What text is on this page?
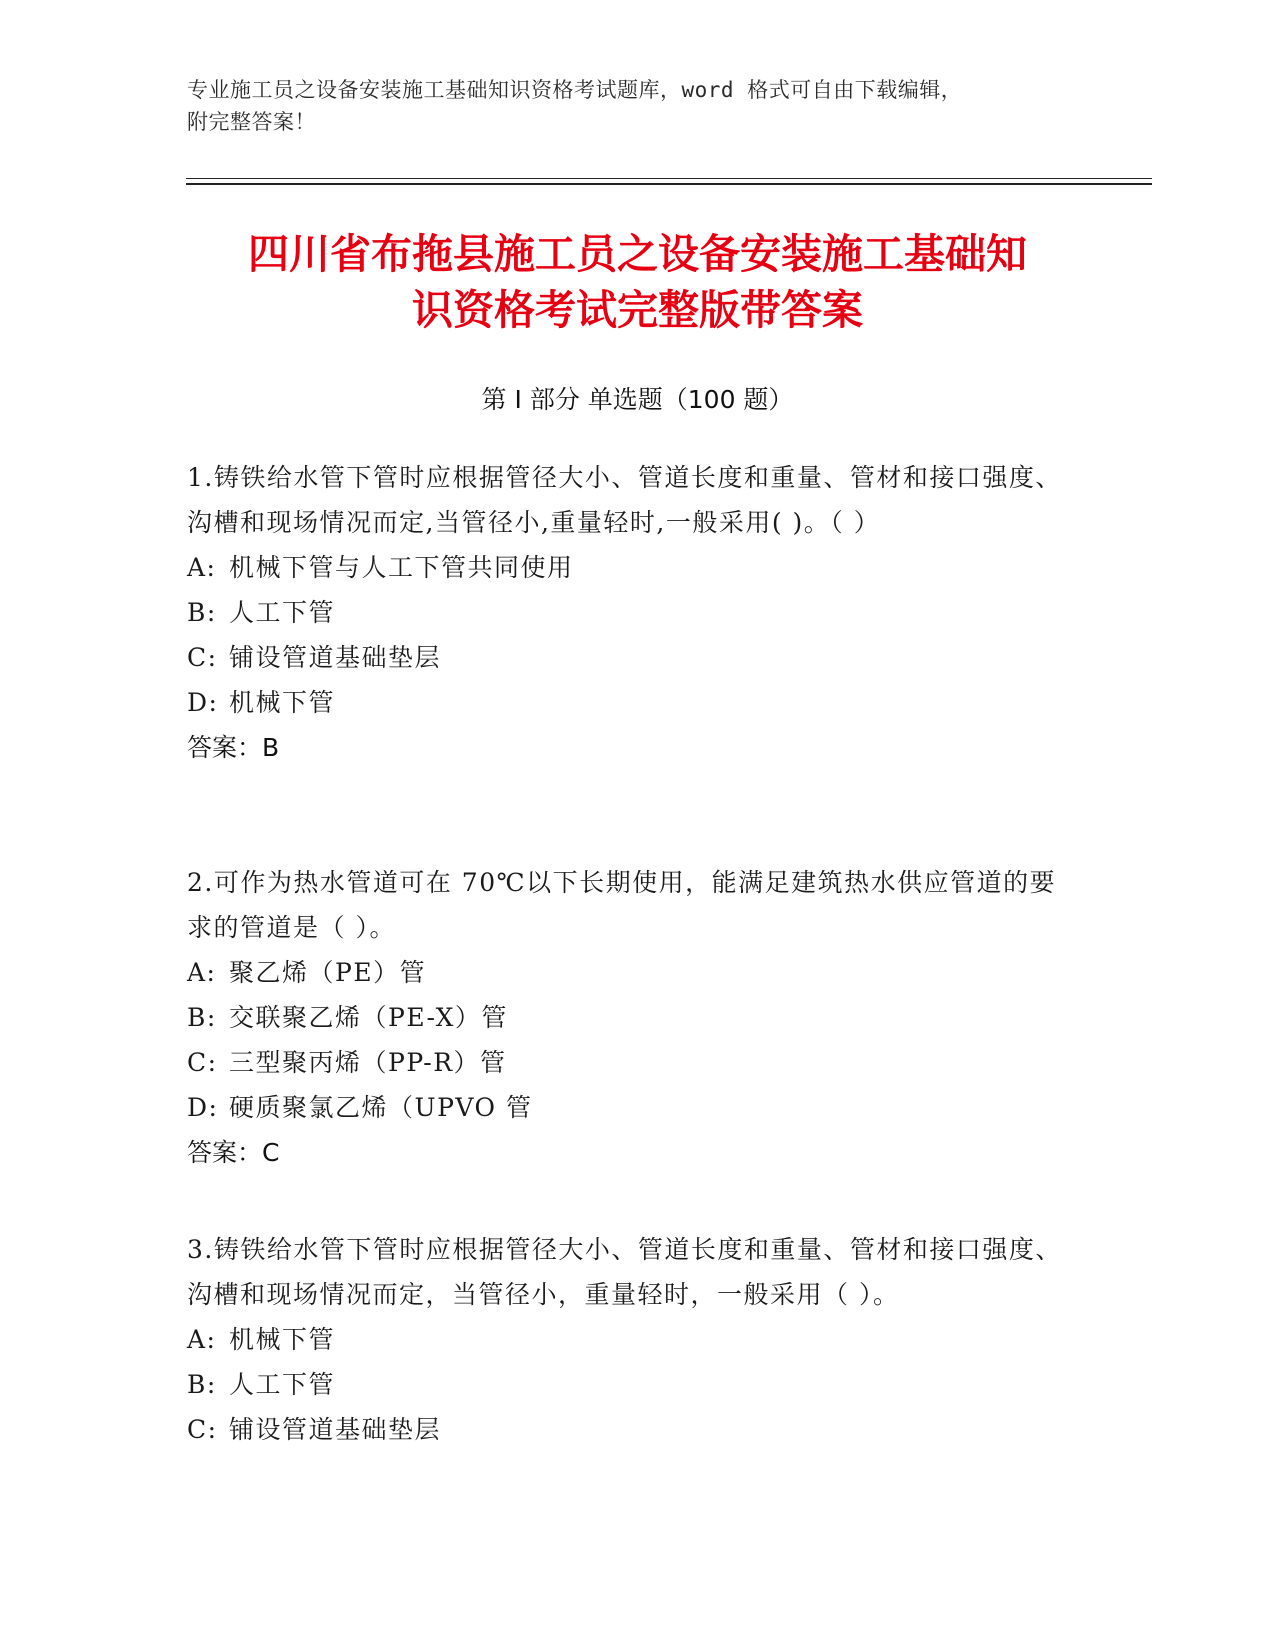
专业施工员之设备安装施工基础知识资格考试题库，word 格式可自由下载编辑，
附完整答案！
四川省布拖县施工员之设备安装施工基础知
识资格考试完整版带答案
第 I 部分 单选题（100 题）
1.铸铁给水管下管时应根据管径大小、管道长度和重量、管材和接口强度、沟槽和现场情况而定,当管径小,重量轻时,一般采用( )。（ ）
A: 机械下管与人工下管共同使用
B: 人工下管
C: 铺设管道基础垫层
D: 机械下管
答案：B
2.可作为热水管道可在 70℃以下长期使用，能满足建筑热水供应管道的要求的管道是（ ）。
A: 聚乙烯（PE）管
B: 交联聚乙烯（PE-X）管
C: 三型聚丙烯（PP-R）管
D: 硬质聚氯乙烯（UPVO 管
答案：C
3.铸铁给水管下管时应根据管径大小、管道长度和重量、管材和接口强度、沟槽和现场情况而定，当管径小，重量轻时，一般采用（ ）。
A: 机械下管
B: 人工下管
C: 铺设管道基础垫层
